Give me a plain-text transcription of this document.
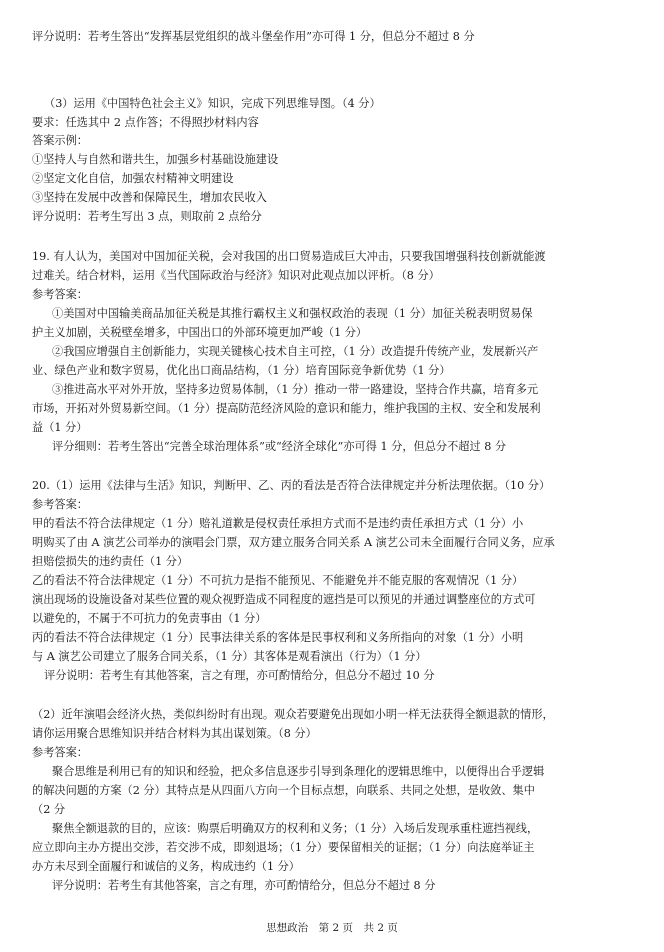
评分说明：若考生答出“发挥基层党组织的战斗堡垒作用”亦可得 1 分，但总分不超过 8 分
（3）运用《中国特色社会主义》知识，完成下列思维导图。（4 分）
要求：任选其中 2 点作答；不得照抄材料内容
答案示例：
①坚持人与自然和谐共生，加强乡村基础设施建设
②坚定文化自信，加强农村精神文明建设
③坚持在发展中改善和保障民生，增加农民收入
评分说明：若考生写出 3 点，则取前 2 点给分
19. 有人认为，美国对中国加征关税，会对我国的出口贸易造成巨大冲击，只要我国增强科技创新就能渡
过难关。结合材料，运用《当代国际政治与经济》知识对此观点加以评析。（8 分）
参考答案：
①美国对中国输美商品加征关税是其推行霸权主义和强权政治的表现（1 分）加征关税表明贸易保
护主义加剧，关税壁垒增多，中国出口的外部环境更加严峻（1 分）
②我国应增强自主创新能力，实现关键核心技术自主可控，（1 分）改造提升传统产业，发展新兴产
业、绿色产业和数字贸易，优化出口商品结构，（1 分）培育国际竞争新优势（1 分）
③推进高水平对外开放，坚持多边贸易体制，（1 分）推动一带一路建设，坚持合作共赢，培育多元
市场，开拓对外贸易新空间。（1 分）提高防范经济风险的意识和能力，维护我国的主权、安全和发展利
益（1 分）
评分细则：若考生答出“完善全球治理体系”或“经济全球化”亦可得 1 分，但总分不超过 8 分
20.（1）运用《法律与生活》知识，判断甲、乙、丙的看法是否符合法律规定并分析法理依据。（10 分）
参考答案：
甲的看法不符合法律规定（1 分）赔礼道歉是侵权责任承担方式而不是违约责任承担方式（1 分）小
明购买了由 A 演艺公司举办的演唱会门票，双方建立服务合同关系 A 演艺公司未全面履行合同义务，应承
担赔偿损失的违约责任（1 分）
乙的看法不符合法律规定（1 分）不可抗力是指不能预见、不能避免并不能克服的客观情况（1 分）
演出现场的设施设备对某些位置的观众视野造成不同程度的遮挡是可以预见的并通过调整座位的方式可
以避免的，不属于不可抗力的免责事由（1 分）
丙的看法不符合法律规定（1 分）民事法律关系的客体是民事权利和义务所指向的对象（1 分）小明
与 A 演艺公司建立了服务合同关系，（1 分）其客体是观看演出（行为）（1 分）
评分说明：若考生有其他答案，言之有理，亦可酌情给分，但总分不超过 10 分
（2）近年演唱会经济火热，类似纠纷时有出现。观众若要避免出现如小明一样无法获得全额退款的情形，
请你运用聚合思维知识并结合材料为其出谋划策。（8 分）
参考答案：
聚合思维是利用已有的知识和经验，把众多信息逐步引导到条理化的逻辑思维中，以便得出合乎逻辑
的解决问题的方案（2 分）其特点是从四面八方向一个目标点想，向联系、共同之处想，是收敛、集中
（2 分
聚焦全额退款的目的，应该：购票后明确双方的权利和义务；（1 分）入场后发现承重柱遮挡视线，
应立即向主办方提出交涉，若交涉不成，即刻退场；（1 分）要保留相关的证据；（1 分）向法庭举证主
办方未尽到全面履行和诚信的义务，构成违约（1 分）
评分说明：若考生有其他答案，言之有理，亦可酌情给分，但总分不超过 8 分
思想政治　第 2 页　共 2 页
